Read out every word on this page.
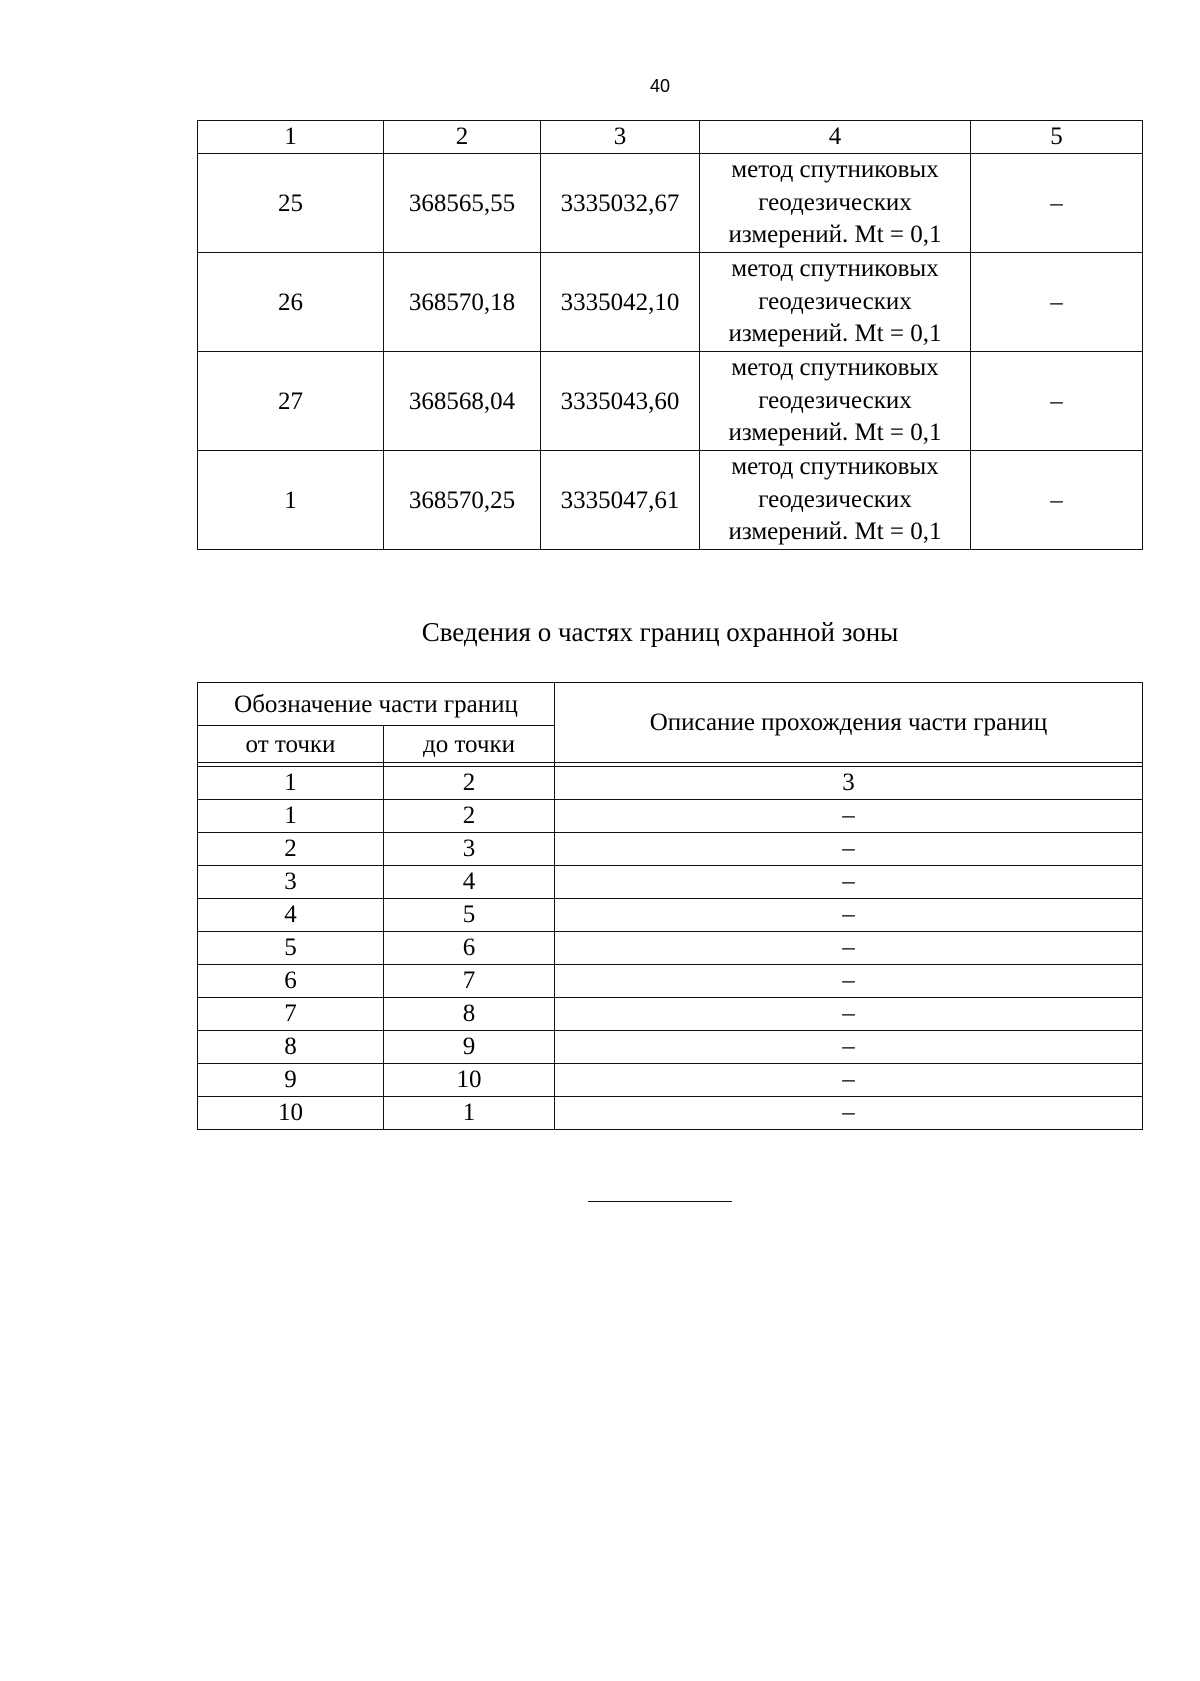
40
1	2	3	4	5
25	368565,55	3335032,67	метод спутниковых
геодезических
измерений. Mt = 0,1	–
26	368570,18	3335042,10	метод спутниковых
геодезических
измерений. Mt = 0,1	–
27	368568,04	3335043,60	метод спутниковых
геодезических
измерений. Mt = 0,1	–
1	368570,25	3335047,61	метод спутниковых
геодезических
измерений. Mt = 0,1	–
Сведения о частях границ охранной зоны
Обозначение части границ		Описание прохождения части границ
от точки	до точки	

1	2	3
1	2	–
2	3	–
3	4	–
4	5	–
5	6	–
6	7	–
7	8	–
8	9	–
9	10	–
10	1	–
